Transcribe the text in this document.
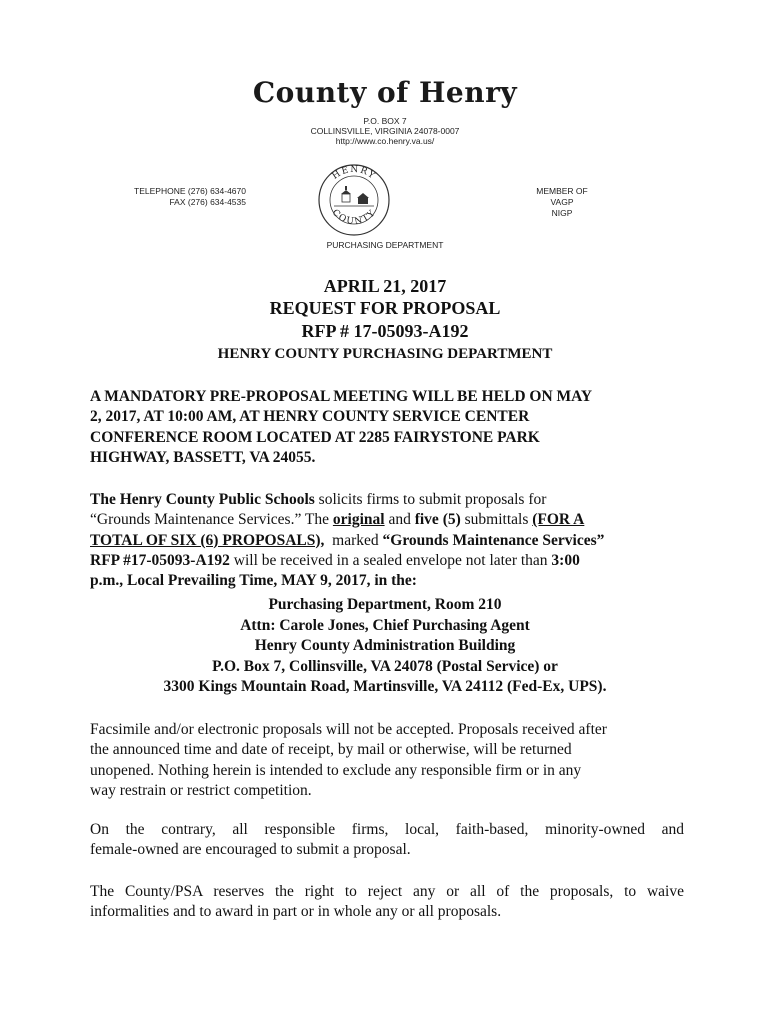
County of Henry
P.O. BOX 7
COLLINSVILLE, VIRGINIA 24078-0007
http://www.co.henry.va.us/
TELEPHONE (276) 634-4670
FAX (276) 634-4535
HENRY
COUNTY
MEMBER OF
VAGP
NIGP
PURCHASING DEPARTMENT
APRIL 21, 2017
REQUEST FOR PROPOSAL
RFP # 17-05093-A192
HENRY COUNTY PURCHASING DEPARTMENT
A MANDATORY PRE-PROPOSAL MEETING WILL BE HELD ON MAY
2, 2017, AT 10:00 AM, AT HENRY COUNTY SERVICE CENTER
CONFERENCE ROOM LOCATED AT 2285 FAIRYSTONE PARK
HIGHWAY, BASSETT, VA 24055.
The Henry County Public Schools solicits firms to submit proposals for
“Grounds Maintenance Services.” The original and five (5) submittals (FOR A
TOTAL OF SIX (6) PROPOSALS),  marked “Grounds Maintenance Services”
RFP #17-05093-A192 will be received in a sealed envelope not later than 3:00
p.m., Local Prevailing Time, MAY 9, 2017, in the:
Purchasing Department, Room 210
Attn: Carole Jones, Chief Purchasing Agent
Henry County Administration Building
P.O. Box 7, Collinsville, VA 24078 (Postal Service) or
3300 Kings Mountain Road, Martinsville, VA 24112 (Fed-Ex, UPS).
Facsimile and/or electronic proposals will not be accepted. Proposals received after
the announced time and date of receipt, by mail or otherwise, will be returned
unopened. Nothing herein is intended to exclude any responsible firm or in any
way restrain or restrict competition.
On the contrary, all responsible firms, local, faith-based, minority-owned and
female-owned are encouraged to submit a proposal.
The County/PSA reserves the right to reject any or all of the proposals, to waive
informalities and to award in part or in whole any or all proposals.
